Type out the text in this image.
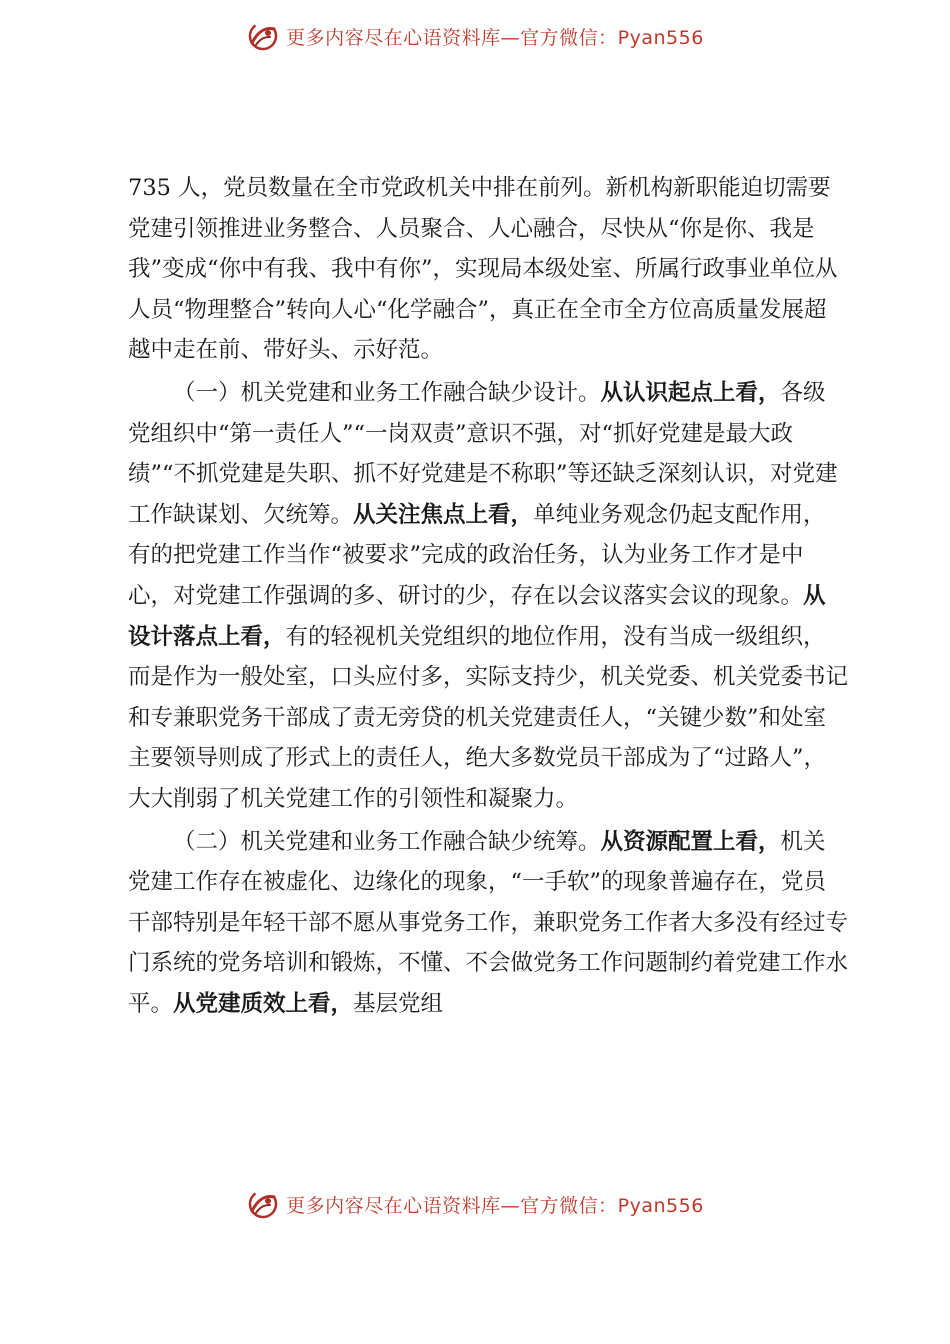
更多内容尽在心语资料库—官方微信：Pyan556

735 人，党员数量在全市党政机关中排在前列。新机构新职能迫切需要党建引领推进业务整合、人员聚合、人心融合，尽快从“你是你、我是我”变成“你中有我、我中有你”，实现局本级处室、所属行政事业单位从人员“物理整合”转向人心“化学融合”，真正在全市全方位高质量发展超越中走在前、带好头、示好范。

（一）机关党建和业务工作融合缺少设计。从认识起点上看，各级党组织中“第一责任人”“一岗双责”意识不强，对“抓好党建是最大政绩”“不抓党建是失职、抓不好党建是不称职”等还缺乏深刻认识，对党建工作缺谋划、欠统筹。从关注焦点上看，单纯业务观念仍起支配作用，有的把党建工作当作“被要求”完成的政治任务，认为业务工作才是中心，对党建工作强调的多、研讨的少，存在以会议落实会议的现象。从设计落点上看，有的轻视机关党组织的地位作用，没有当成一级组织，而是作为一般处室，口头应付多，实际支持少，机关党委、机关党委书记和专兼职党务干部成了责无旁贷的机关党建责任人，“关键少数”和处室主要领导则成了形式上的责任人，绝大多数党员干部成为了“过路人”，大大削弱了机关党建工作的引领性和凝聚力。

（二）机关党建和业务工作融合缺少统筹。从资源配置上看，机关党建工作存在被虚化、边缘化的现象，“一手软”的现象普遍存在，党员干部特别是年轻干部不愿从事党务工作，兼职党务工作者大多没有经过专门系统的党务培训和锻炼，不懂、不会做党务工作问题制约着党建工作水平。从党建质效上看，基层党组

更多内容尽在心语资料库—官方微信：Pyan556
